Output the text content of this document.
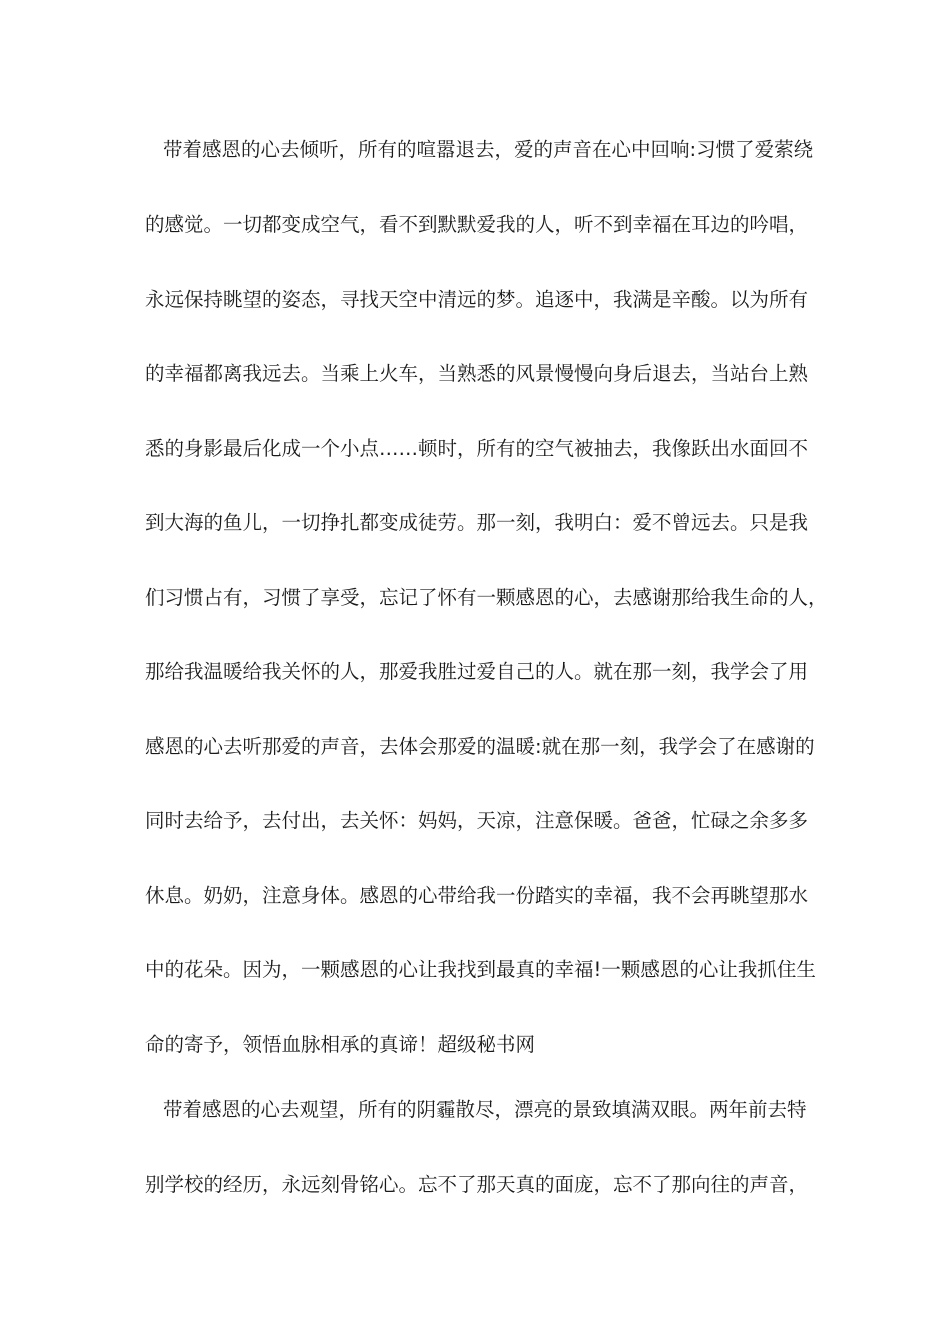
带着感恩的心去倾听，所有的喧嚣退去，爱的声音在心中回响:习惯了爱萦绕
的感觉。一切都变成空气，看不到默默爱我的人，听不到幸福在耳边的吟唱，
永远保持眺望的姿态，寻找天空中清远的梦。追逐中，我满是辛酸。以为所有
的幸福都离我远去。当乘上火车，当熟悉的风景慢慢向身后退去，当站台上熟
悉的身影最后化成一个小点……顿时，所有的空气被抽去，我像跃出水面回不
到大海的鱼儿，一切挣扎都变成徒劳。那一刻，我明白：爱不曾远去。只是我
们习惯占有，习惯了享受，忘记了怀有一颗感恩的心，去感谢那给我生命的人，
那给我温暖给我关怀的人，那爱我胜过爱自己的人。就在那一刻，我学会了用
感恩的心去听那爱的声音，去体会那爱的温暖:就在那一刻，我学会了在感谢的
同时去给予，去付出，去关怀：妈妈，天凉，注意保暖。爸爸，忙碌之余多多
休息。奶奶，注意身体。感恩的心带给我一份踏实的幸福，我不会再眺望那水
中的花朵。因为，一颗感恩的心让我找到最真的幸福!一颗感恩的心让我抓住生
命的寄予，领悟血脉相承的真谛！超级秘书网
带着感恩的心去观望，所有的阴霾散尽，漂亮的景致填满双眼。两年前去特
别学校的经历，永远刻骨铭心。忘不了那天真的面庞，忘不了那向往的声音，
